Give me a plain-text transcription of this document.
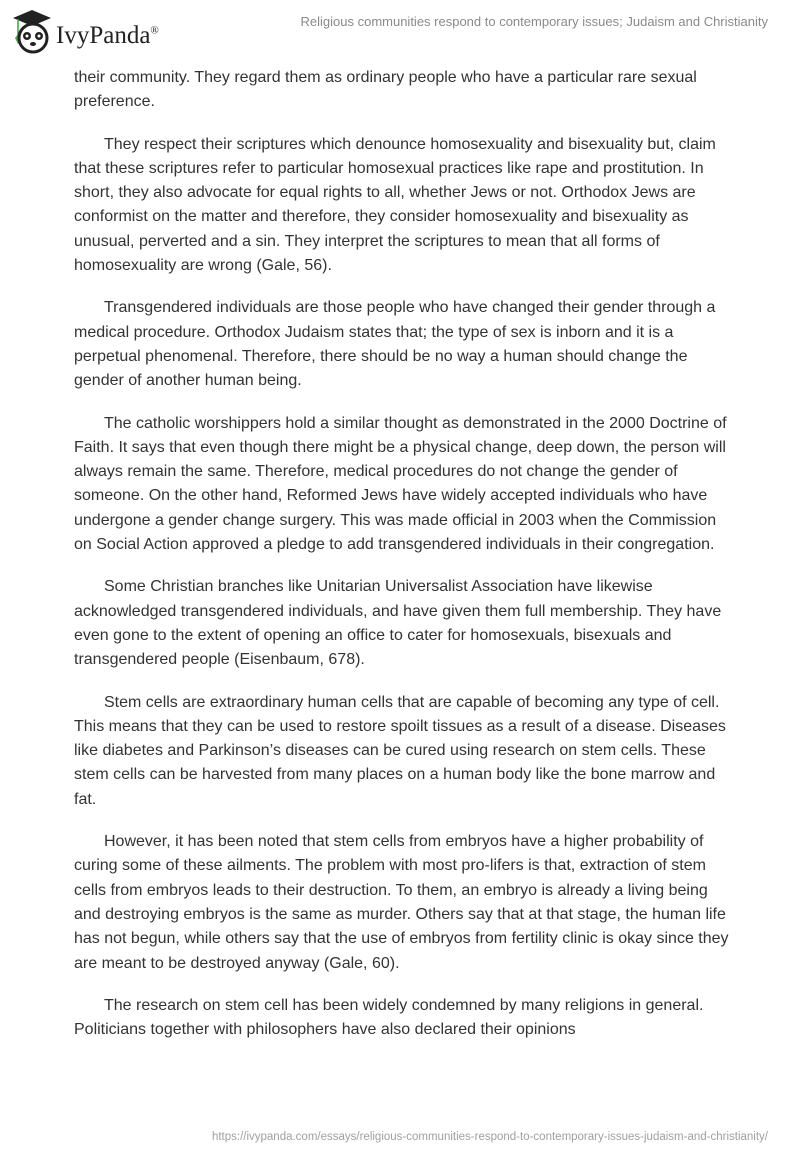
IvyPanda®
Religious communities respond to contemporary issues; Judaism and Christianity

their community. They regard them as ordinary people who have a particular rare sexual preference.

They respect their scriptures which denounce homosexuality and bisexuality but, claim that these scriptures refer to particular homosexual practices like rape and prostitution. In short, they also advocate for equal rights to all, whether Jews or not. Orthodox Jews are conformist on the matter and therefore, they consider homosexuality and bisexuality as unusual, perverted and a sin. They interpret the scriptures to mean that all forms of homosexuality are wrong (Gale, 56).

Transgendered individuals are those people who have changed their gender through a medical procedure. Orthodox Judaism states that; the type of sex is inborn and it is a perpetual phenomenal. Therefore, there should be no way a human should change the gender of another human being.

The catholic worshippers hold a similar thought as demonstrated in the 2000 Doctrine of Faith. It says that even though there might be a physical change, deep down, the person will always remain the same. Therefore, medical procedures do not change the gender of someone. On the other hand, Reformed Jews have widely accepted individuals who have undergone a gender change surgery. This was made official in 2003 when the Commission on Social Action approved a pledge to add transgendered individuals in their congregation.

Some Christian branches like Unitarian Universalist Association have likewise acknowledged transgendered individuals, and have given them full membership. They have even gone to the extent of opening an office to cater for homosexuals, bisexuals and transgendered people (Eisenbaum, 678).

Stem cells are extraordinary human cells that are capable of becoming any type of cell. This means that they can be used to restore spoilt tissues as a result of a disease. Diseases like diabetes and Parkinson’s diseases can be cured using research on stem cells. These stem cells can be harvested from many places on a human body like the bone marrow and fat.

However, it has been noted that stem cells from embryos have a higher probability of curing some of these ailments. The problem with most pro-lifers is that, extraction of stem cells from embryos leads to their destruction. To them, an embryo is already a living being and destroying embryos is the same as murder. Others say that at that stage, the human life has not begun, while others say that the use of embryos from fertility clinic is okay since they are meant to be destroyed anyway (Gale, 60).

The research on stem cell has been widely condemned by many religions in general. Politicians together with philosophers have also declared their opinions

https://ivypanda.com/essays/religious-communities-respond-to-contemporary-issues-judaism-and-christianity/
